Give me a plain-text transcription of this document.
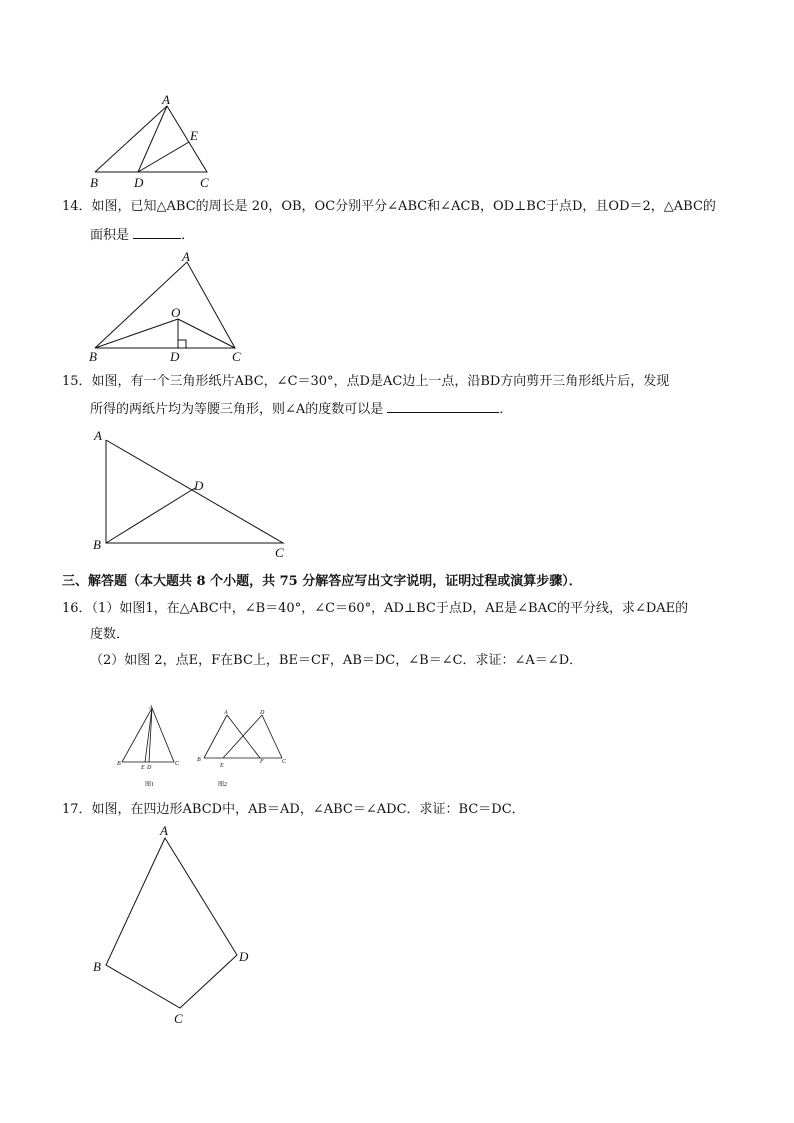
A
E
B	D	C
14．如图，已知△ABC的周长是 20，OB，OC分别平分∠ABC和∠ACB，OD⊥BC于点D，且OD＝2，△ABC的
面积是	．
A
O
B	D	C
15．如图，有一个三角形纸片ABC，∠C＝30°，点D是AC边上一点，沿BD方向剪开三角形纸片后，发现
所得的两纸片均为等腰三角形，则∠A的度数可以是	．
A
D
B
C
三、解答题（本大题共 8 个小题，共 75 分解答应写出文字说明，证明过程或演算步骤）．
16．（1）如图1，在△ABC中，∠B＝40°，∠C＝60°，AD⊥BC于点D，AE是∠BAC的平分线，求∠DAE的
度数．
（2）如图 2，点E，F在BC上，BE＝CF，AB＝DC，∠B＝∠C．求证：∠A＝∠D．
A
B
E D
C
图1
A	D
B
E
F	C
图2
17．如图，在四边形ABCD中，AB＝AD，∠ABC＝∠ADC．求证：BC＝DC．
A
B
D
C
